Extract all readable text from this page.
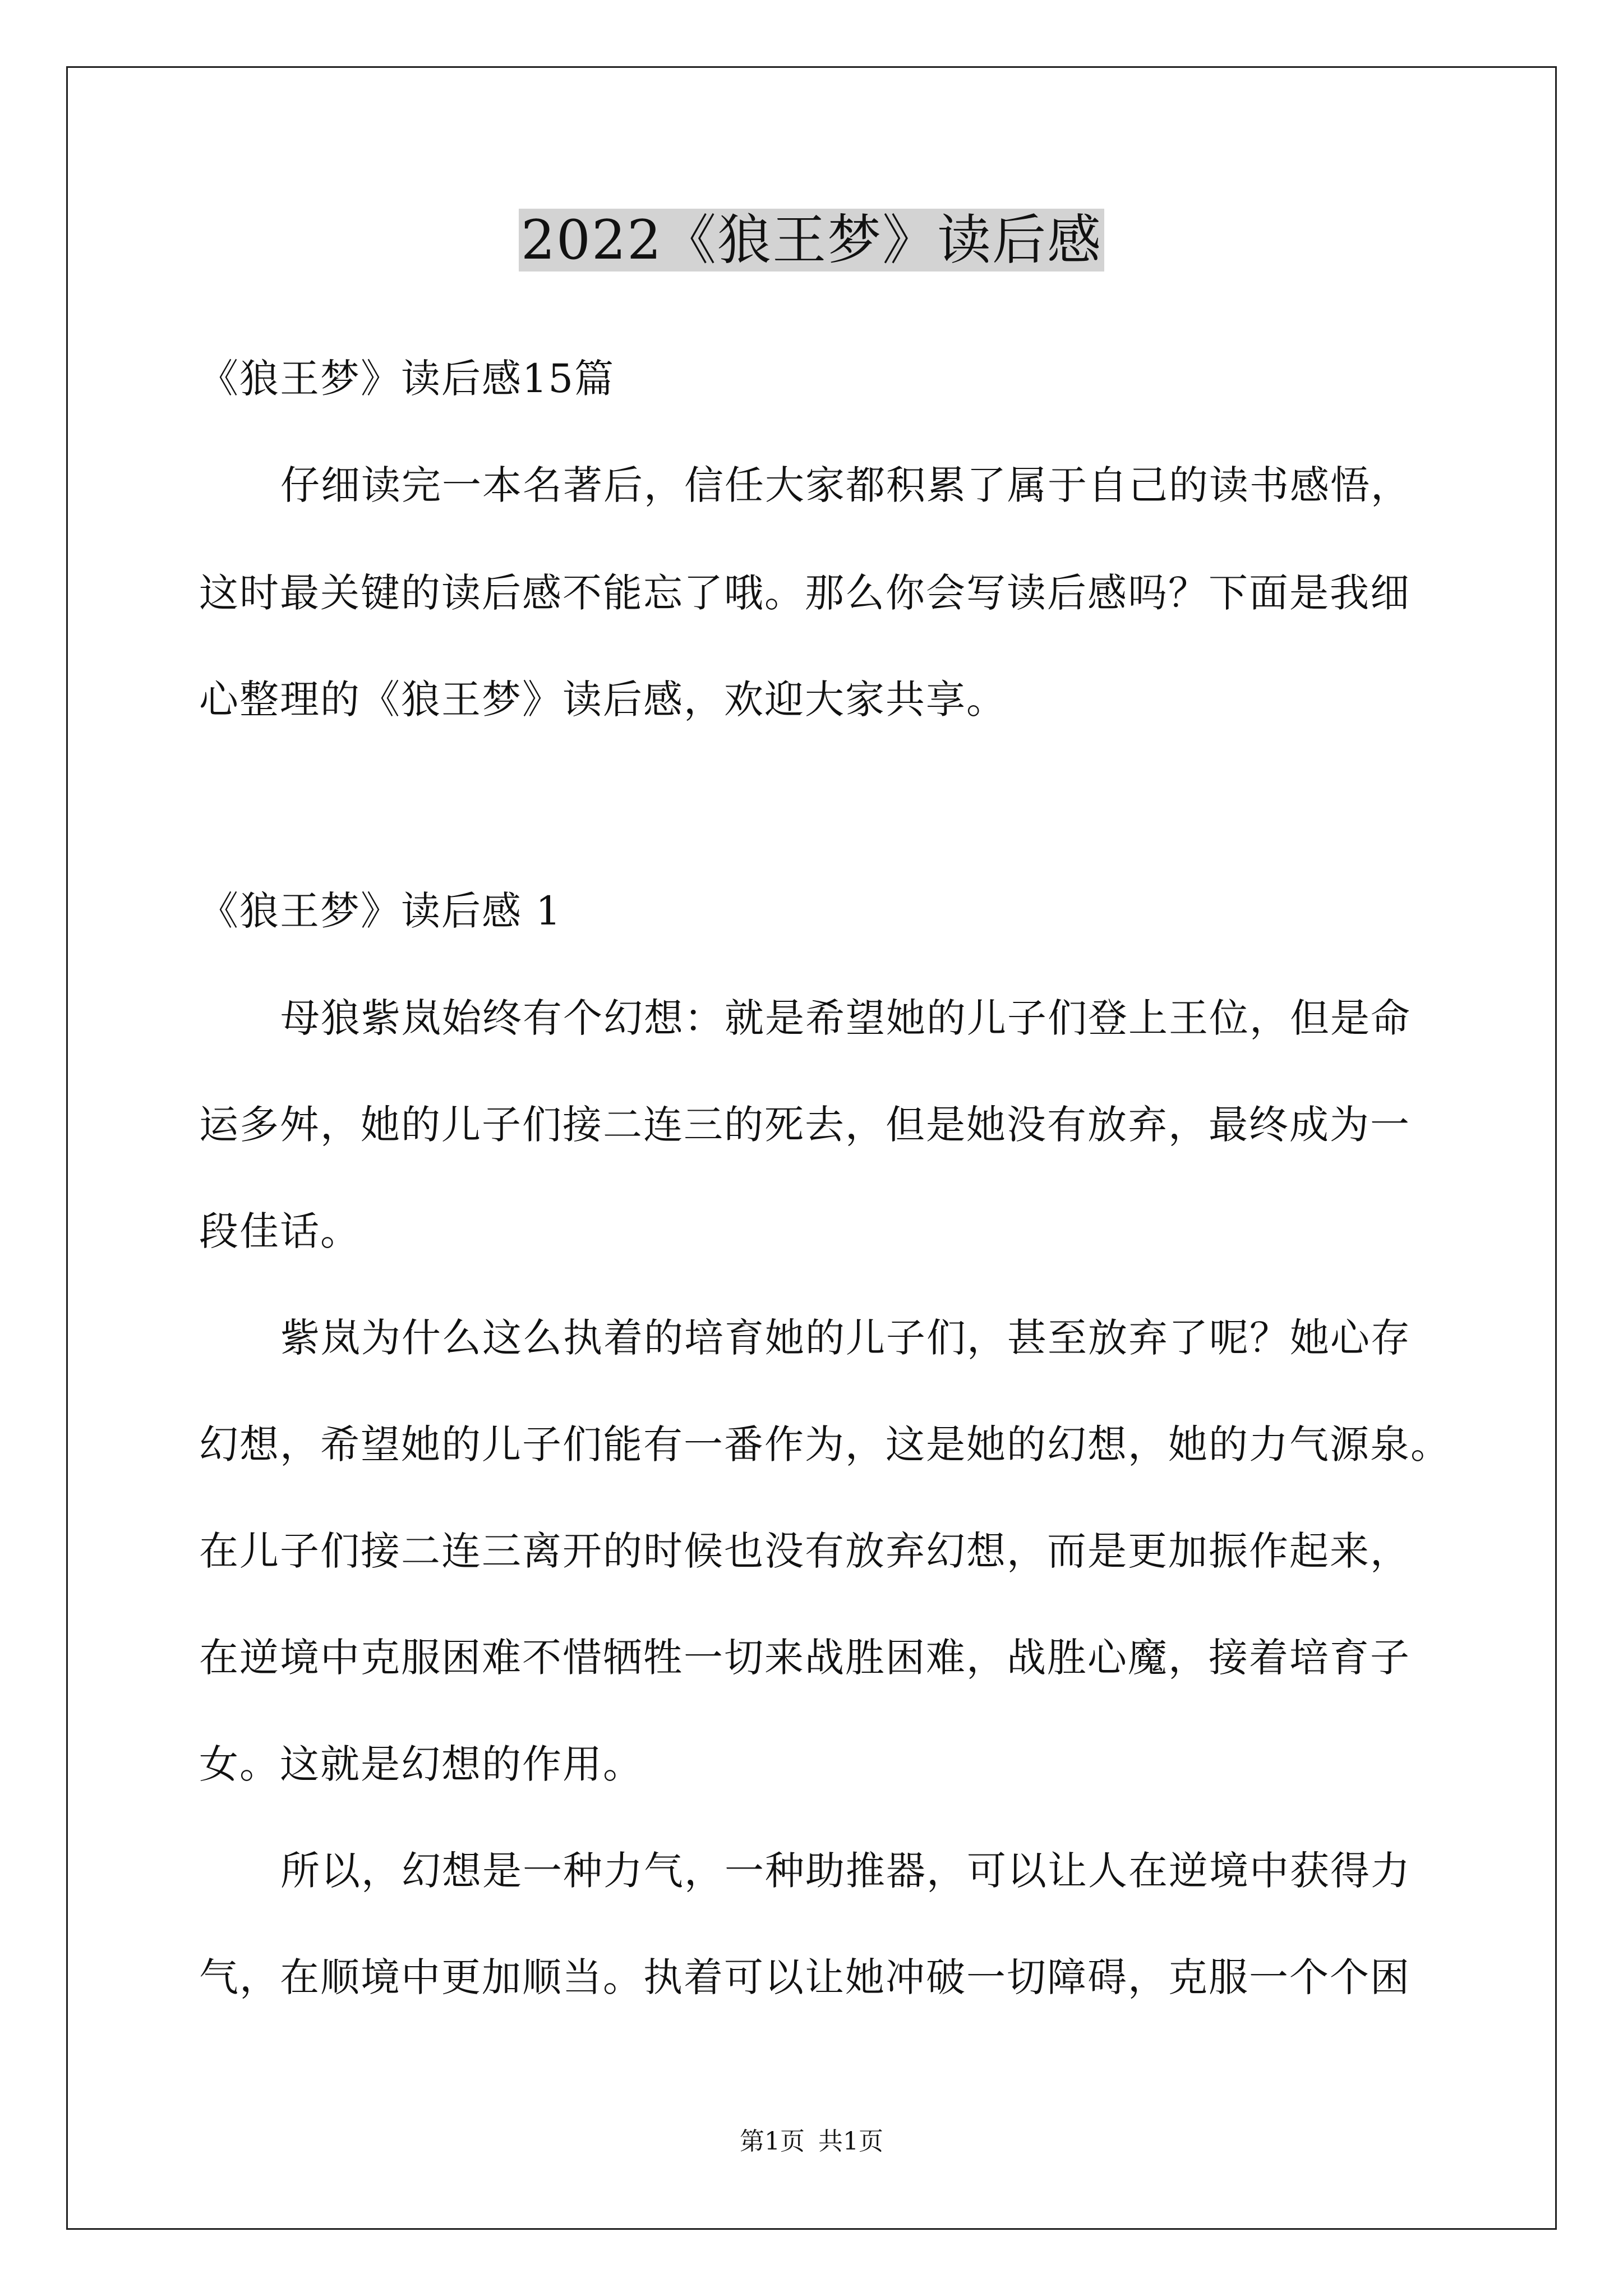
2022《狼王梦》读后感
《狼王梦》读后感15篇
仔细读完一本名著后，信任大家都积累了属于自己的读书感悟，
这时最关键的读后感不能忘了哦。那么你会写读后感吗？下面是我细
心整理的《狼王梦》读后感，欢迎大家共享。
《狼王梦》读后感 1
母狼紫岚始终有个幻想：就是希望她的儿子们登上王位，但是命
运多舛，她的儿子们接二连三的死去，但是她没有放弃，最终成为一
段佳话。
紫岚为什么这么执着的培育她的儿子们，甚至放弃了呢？她心存
幻想，希望她的儿子们能有一番作为，这是她的幻想，她的力气源泉。
在儿子们接二连三离开的时候也没有放弃幻想，而是更加振作起来，
在逆境中克服困难不惜牺牲一切来战胜困难，战胜心魔，接着培育子
女。这就是幻想的作用。
所以，幻想是一种力气，一种助推器，可以让人在逆境中获得力
气，在顺境中更加顺当。执着可以让她冲破一切障碍，克服一个个困
第1页 共1页
